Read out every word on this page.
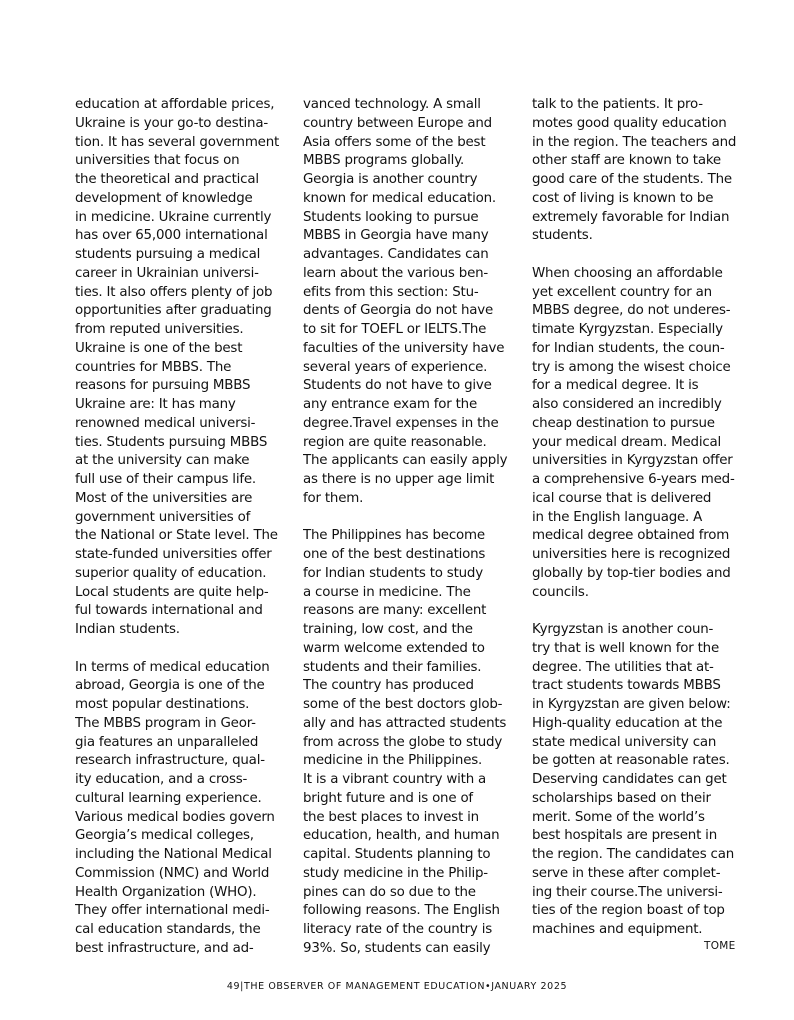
education at affordable prices,
Ukraine is your go-to destina-
tion. It has several government
universities that focus on
the theoretical and practical
development of knowledge
in medicine. Ukraine currently
has over 65,000 international
students pursuing a medical
career in Ukrainian universi-
ties. It also offers plenty of job
opportunities after graduating
from reputed universities.
Ukraine is one of the best
countries for MBBS. The
reasons for pursuing MBBS
Ukraine are: It has many
renowned medical universi-
ties. Students pursuing MBBS
at the university can make
full use of their campus life.
Most of the universities are
government universities of
the National or State level. The
state-funded universities offer
superior quality of education.
Local students are quite help-
ful towards international and
Indian students.

In terms of medical education
abroad, Georgia is one of the
most popular destinations.
The MBBS program in Geor-
gia features an unparalleled
research infrastructure, qual-
ity education, and a cross-
cultural learning experience.
Various medical bodies govern
Georgia’s medical colleges,
including the National Medical
Commission (NMC) and World
Health Organization (WHO).
They offer international medi-
cal education standards, the
best infrastructure, and ad-

vanced technology. A small
country between Europe and
Asia offers some of the best
MBBS programs globally.
Georgia is another country
known for medical education.
Students looking to pursue
MBBS in Georgia have many
advantages. Candidates can
learn about the various ben-
efits from this section: Stu-
dents of Georgia do not have
to sit for TOEFL or IELTS.The
faculties of the university have
several years of experience.
Students do not have to give
any entrance exam for the
degree.Travel expenses in the
region are quite reasonable.
The applicants can easily apply
as there is no upper age limit
for them.

The Philippines has become
one of the best destinations
for Indian students to study
a course in medicine. The
reasons are many: excellent
training, low cost, and the
warm welcome extended to
students and their families.
The country has produced
some of the best doctors glob-
ally and has attracted students
from across the globe to study
medicine in the Philippines.
It is a vibrant country with a
bright future and is one of
the best places to invest in
education, health, and human
capital. Students planning to
study medicine in the Philip-
pines can do so due to the
following reasons. The English
literacy rate of the country is
93%. So, students can easily

talk to the patients. It pro-
motes good quality education
in the region. The teachers and
other staff are known to take
good care of the students. The
cost of living is known to be
extremely favorable for Indian
students.

When choosing an affordable
yet excellent country for an
MBBS degree, do not underes-
timate Kyrgyzstan. Especially
for Indian students, the coun-
try is among the wisest choice
for a medical degree. It is
also considered an incredibly
cheap destination to pursue
your medical dream. Medical
universities in Kyrgyzstan offer
a comprehensive 6-years med-
ical course that is delivered
in the English language. A
medical degree obtained from
universities here is recognized
globally by top-tier bodies and
councils.

Kyrgyzstan is another coun-
try that is well known for the
degree. The utilities that at-
tract students towards MBBS
in Kyrgyzstan are given below:
High-quality education at the
state medical university can
be gotten at reasonable rates.
Deserving candidates can get
scholarships based on their
merit. Some of the world’s
best hospitals are present in
the region. The candidates can
serve in these after complet-
ing their course.The universi-
ties of the region boast of top
machines and equipment.

TOME
49|THE OBSERVER OF MANAGEMENT EDUCATION•JANUARY 2025
